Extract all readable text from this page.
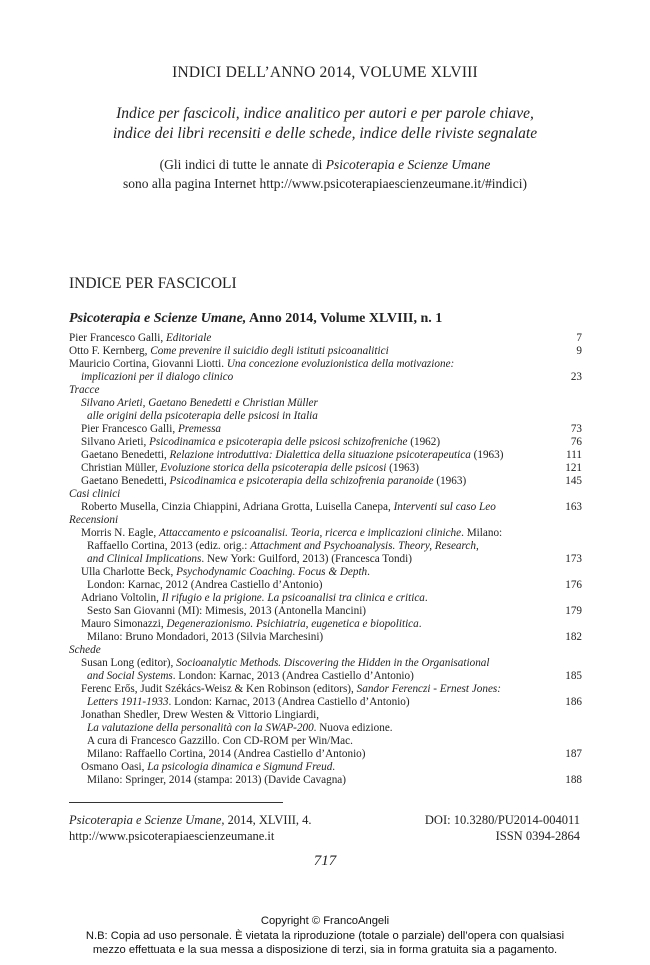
INDICI DELL’ANNO 2014, VOLUME XLVIII
Indice per fascicoli, indice analitico per autori e per parole chiave,
indice dei libri recensiti e delle schede, indice delle riviste segnalate
(Gli indici di tutte le annate di Psicoterapia e Scienze Umane
sono alla pagina Internet http://www.psicoterapiaescienzeumane.it/#indici)
INDICE PER FASCICOLI
Psicoterapia e Scienze Umane, Anno 2014, Volume XLVIII, n. 1
Pier Francesco Galli, Editoriale	7
Otto F. Kernberg, Come prevenire il suicidio degli istituti psicoanalitici	9
Mauricio Cortina, Giovanni Liotti. Una concezione evoluzionistica della motivazione:
implicazioni per il dialogo clinico	23
Tracce
Silvano Arieti, Gaetano Benedetti e Christian Müller
alle origini della psicoterapia delle psicosi in Italia
Pier Francesco Galli, Premessa	73
Silvano Arieti, Psicodinamica e psicoterapia delle psicosi schizofreniche (1962)	76
Gaetano Benedetti, Relazione introduttiva: Dialettica della situazione psicoterapeutica (1963)	111
Christian Müller, Evoluzione storica della psicoterapia delle psicosi (1963)	121
Gaetano Benedetti, Psicodinamica e psicoterapia della schizofrenia paranoide (1963)	145
Casi clinici
Roberto Musella, Cinzia Chiappini, Adriana Grotta, Luisella Canepa, Interventi sul caso Leo	163
Recensioni
Morris N. Eagle, Attaccamento e psicoanalisi. Teoria, ricerca e implicazioni cliniche. Milano:
Raffaello Cortina, 2013 (ediz. orig.: Attachment and Psychoanalysis. Theory, Research,
and Clinical Implications. New York: Guilford, 2013) (Francesca Tondi)	173
Ulla Charlotte Beck, Psychodynamic Coaching. Focus & Depth.
London: Karnac, 2012 (Andrea Castiello d’Antonio)	176
Adriano Voltolin, Il rifugio e la prigione. La psicoanalisi tra clinica e critica.
Sesto San Giovanni (MI): Mimesis, 2013 (Antonella Mancini)	179
Mauro Simonazzi, Degenerazionismo. Psichiatria, eugenetica e biopolitica.
Milano: Bruno Mondadori, 2013 (Silvia Marchesini)	182
Schede
Susan Long (editor), Socioanalytic Methods. Discovering the Hidden in the Organisational
and Social Systems. London: Karnac, 2013 (Andrea Castiello d’Antonio)	185
Ferenc Erős, Judit Székács-Weisz & Ken Robinson (editors), Sandor Ferenczi - Ernest Jones:
Letters 1911-1933. London: Karnac, 2013 (Andrea Castiello d’Antonio)	186
Jonathan Shedler, Drew Westen & Vittorio Lingiardi,
La valutazione della personalità con la SWAP-200. Nuova edizione.
A cura di Francesco Gazzillo. Con CD-ROM per Win/Mac.
Milano: Raffaello Cortina, 2014 (Andrea Castiello d’Antonio)	187
Osmano Oasi, La psicologia dinamica e Sigmund Freud.
Milano: Springer, 2014 (stampa: 2013) (Davide Cavagna)	188
Psicoterapia e Scienze Umane, 2014, XLVIII, 4.
http://www.psicoterapiaescienzeumane.it
DOI: 10.3280/PU2014-004011
ISSN 0394-2864
717
Copyright © FrancoAngeli
N.B: Copia ad uso personale. È vietata la riproduzione (totale o parziale) dell’opera con qualsiasi
mezzo effettuata e la sua messa a disposizione di terzi, sia in forma gratuita sia a pagamento.
